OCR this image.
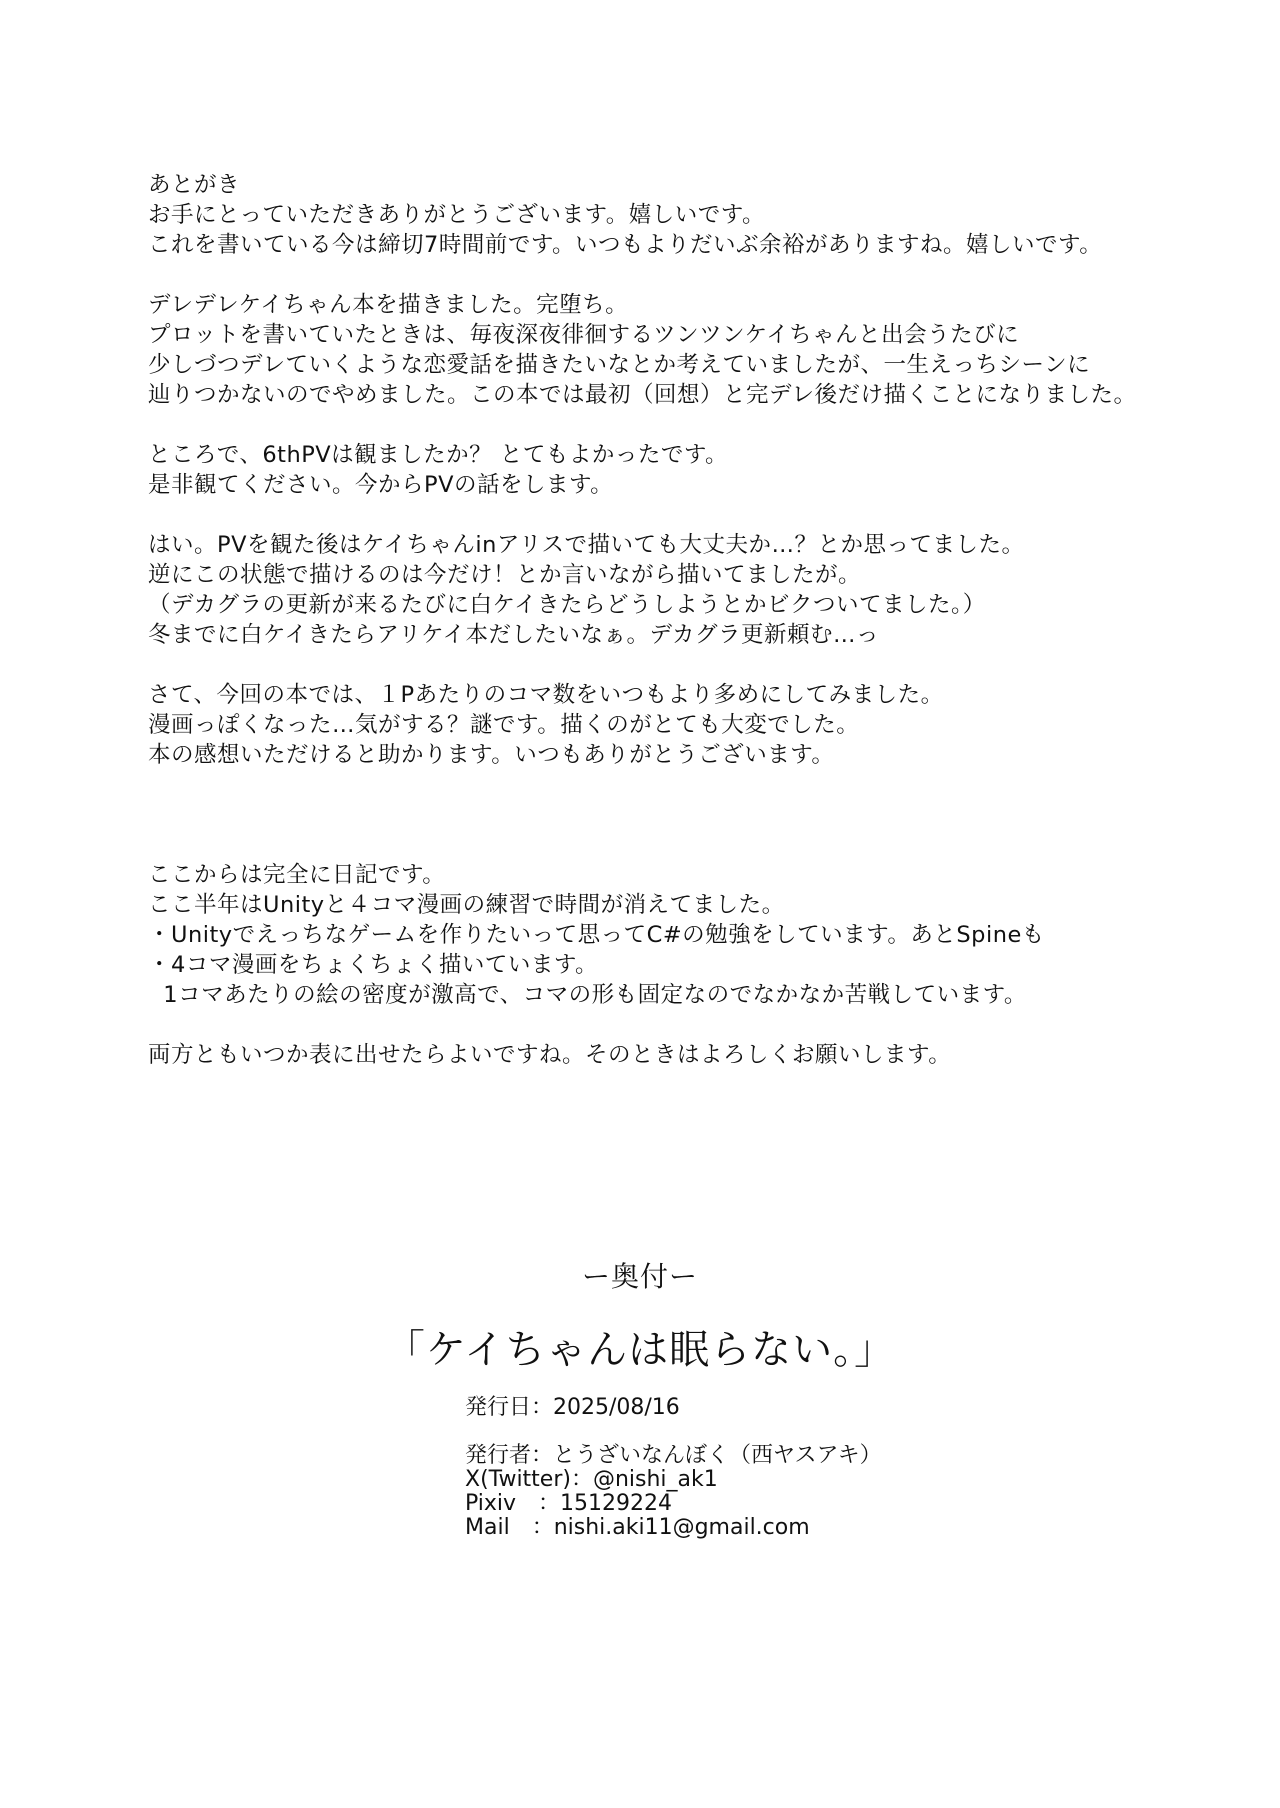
あとがき
お手にとっていただきありがとうございます。嬉しいです。
これを書いている今は締切7時間前です。いつもよりだいぶ余裕がありますね。嬉しいです。
デレデレケイちゃん本を描きました。完堕ち。
プロットを書いていたときは、毎夜深夜徘徊するツンツンケイちゃんと出会うたびに
少しづつデレていくような恋愛話を描きたいなとか考えていましたが、一生えっちシーンに
辿りつかないのでやめました。この本では最初（回想）と完デレ後だけ描くことになりました。
ところで、6thPVは観ましたか？ とてもよかったです。
是非観てください。今からPVの話をします。
はい。PVを観た後はケイちゃんinアリスで描いても大丈夫か…？とか思ってました。
逆にこの状態で描けるのは今だけ！とか言いながら描いてましたが。
（デカグラの更新が来るたびに白ケイきたらどうしようとかビクついてました。）
冬までに白ケイきたらアリケイ本だしたいなぁ。デカグラ更新頼む…っ
さて、今回の本では、１Pあたりのコマ数をいつもより多めにしてみました。
漫画っぽくなった…気がする？謎です。描くのがとても大変でした。
本の感想いただけると助かります。いつもありがとうございます。
ここからは完全に日記です。
ここ半年はUnityと４コマ漫画の練習で時間が消えてました。
・Unityでえっちなゲームを作りたいって思ってC#の勉強をしています。あとSpineも
・4コマ漫画をちょくちょく描いています。
1コマあたりの絵の密度が激高で、コマの形も固定なのでなかなか苦戦しています。
両方ともいつか表に出せたらよいですね。そのときはよろしくお願いします。
ー奥付ー
「ケイちゃんは眠らない。」
発行日：2025/08/16
発行者：とうざいなんぼく（西ヤスアキ）
X(Twitter)：@nishi_ak1
Pixiv　：15129224
Mail　：nishi.aki11@gmail.com
